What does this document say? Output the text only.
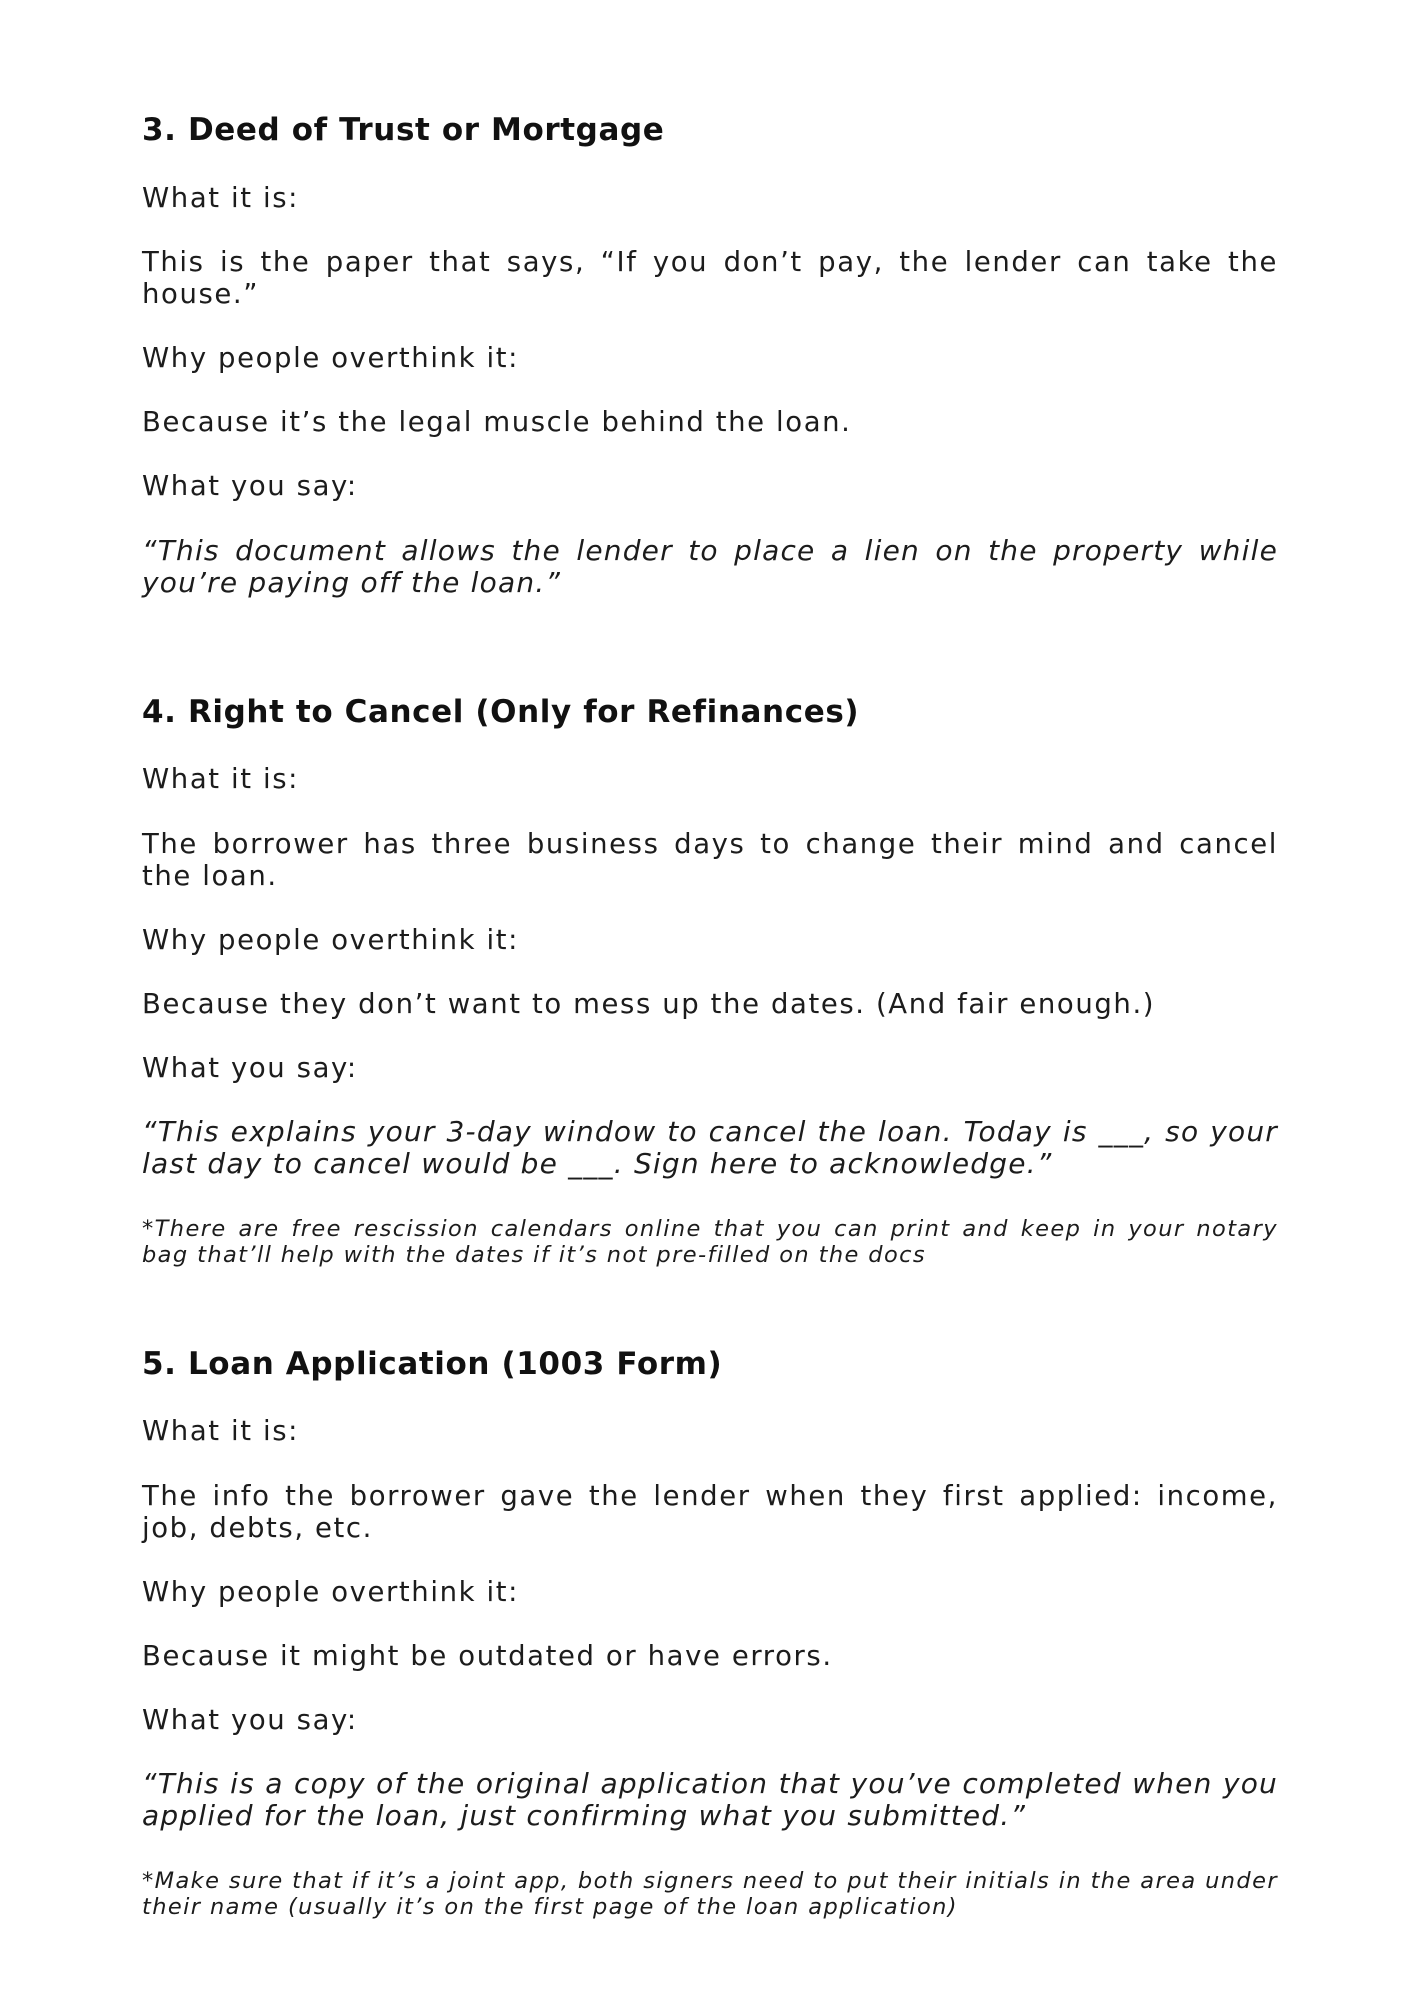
3. Deed of Trust or Mortgage

What it is:

This is the paper that says, “If you don’t pay, the lender can take the house.”

Why people overthink it:

Because it’s the legal muscle behind the loan.

What you say:

“This document allows the lender to place a lien on the property while you’re paying off the loan.”

4. Right to Cancel (Only for Refinances)

What it is:

The borrower has three business days to change their mind and cancel the loan.

Why people overthink it:

Because they don’t want to mess up the dates. (And fair enough.)

What you say:

“This explains your 3-day window to cancel the loan. Today is ___, so your last day to cancel would be ___. Sign here to acknowledge.”

*There are free rescission calendars online that you can print and keep in your notary bag that’ll help with the dates if it’s not pre-filled on the docs

5. Loan Application (1003 Form)

What it is:

The info the borrower gave the lender when they first applied: income, job, debts, etc.

Why people overthink it:

Because it might be outdated or have errors.

What you say:

“This is a copy of the original application that you’ve completed when you applied for the loan, just confirming what you submitted.”

*Make sure that if it’s a joint app, both signers need to put their initials in the area under their name (usually it’s on the first page of the loan application)
